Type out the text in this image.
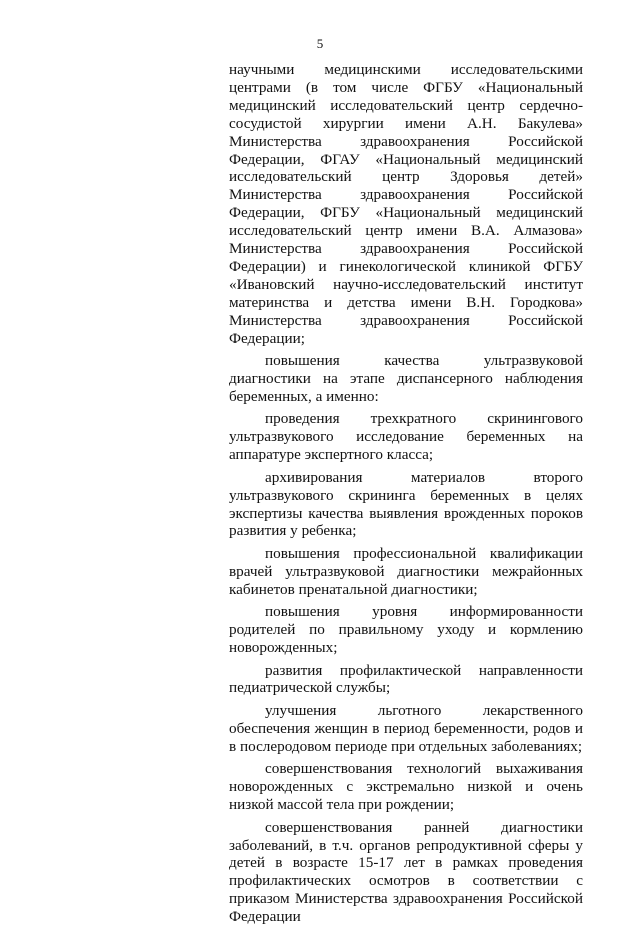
5

научными медицинскими исследовательскими центрами (в том числе ФГБУ «Национальный медицинский исследовательский центр сердечно-сосудистой хирургии имени А.Н. Бакулева» Министерства здравоохранения Российской Федерации, ФГАУ «Национальный медицинский исследовательский центр Здоровья детей» Министерства здравоохранения Российской Федерации, ФГБУ «Национальный медицинский исследовательский центр имени В.А. Алмазова» Министерства здравоохранения Российской Федерации) и гинекологической клиникой ФГБУ «Ивановский научно-исследовательский институт материнства и детства имени В.Н. Городкова» Министерства здравоохранения Российской Федерации;

повышения качества ультразвуковой диагностики на этапе диспансерного наблюдения беременных, а именно:

проведения трехкратного скринингового ультразвукового исследование беременных на аппаратуре экспертного класса;

архивирования материалов второго ультразвукового скрининга беременных в целях экспертизы качества выявления врожденных пороков развития у ребенка;

повышения профессиональной квалификации врачей ультразвуковой диагностики межрайонных кабинетов пренатальной диагностики;

повышения уровня информированности родителей по правильному уходу и кормлению новорожденных;

развития профилактической направленности педиатрической службы;

улучшения льготного лекарственного обеспечения женщин в период беременности, родов и в послеродовом периоде при отдельных заболеваниях;

совершенствования технологий выхаживания новорожденных с экстремально низкой и очень низкой массой тела при рождении;

совершенствования ранней диагностики заболеваний, в т.ч. органов репродуктивной сферы у детей в возрасте 15-17 лет в рамках проведения профилактических осмотров в соответствии с приказом Министерства здравоохранения Российской Федерации
